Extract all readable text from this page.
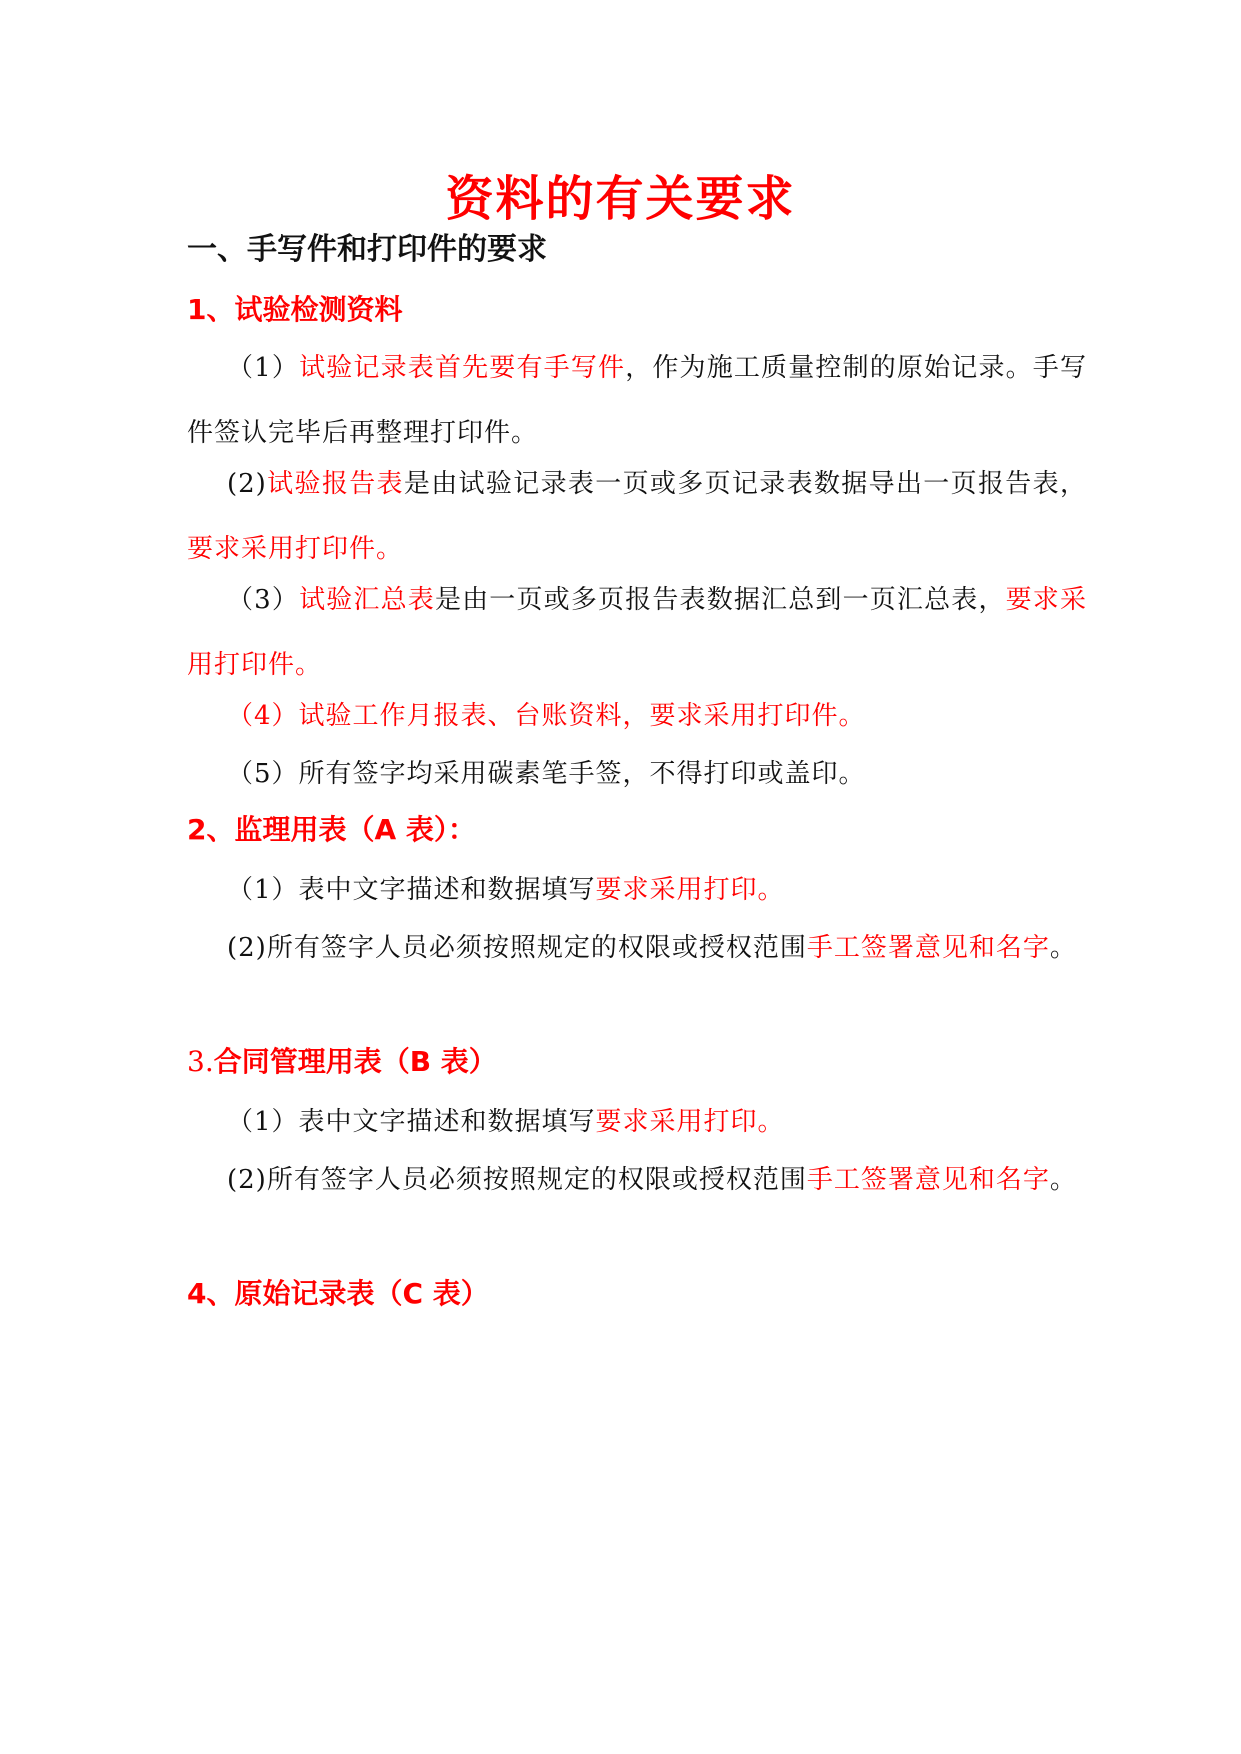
资料的有关要求
一、手写件和打印件的要求
1、试验检测资料
（1）试验记录表首先要有手写件，作为施工质量控制的原始记录。手写件签认完毕后再整理打印件。
(2)试验报告表是由试验记录表一页或多页记录表数据导出一页报告表，要求采用打印件。
（3）试验汇总表是由一页或多页报告表数据汇总到一页汇总表，要求采用打印件。
（4）试验工作月报表、台账资料，要求采用打印件。
（5）所有签字均采用碳素笔手签，不得打印或盖印。
2、监理用表（A 表）：
（1）表中文字描述和数据填写要求采用打印。
(2)所有签字人员必须按照规定的权限或授权范围手工签署意见和名字。
3.合同管理用表（B 表）
（1）表中文字描述和数据填写要求采用打印。
(2)所有签字人员必须按照规定的权限或授权范围手工签署意见和名字。
4、原始记录表（C 表）
